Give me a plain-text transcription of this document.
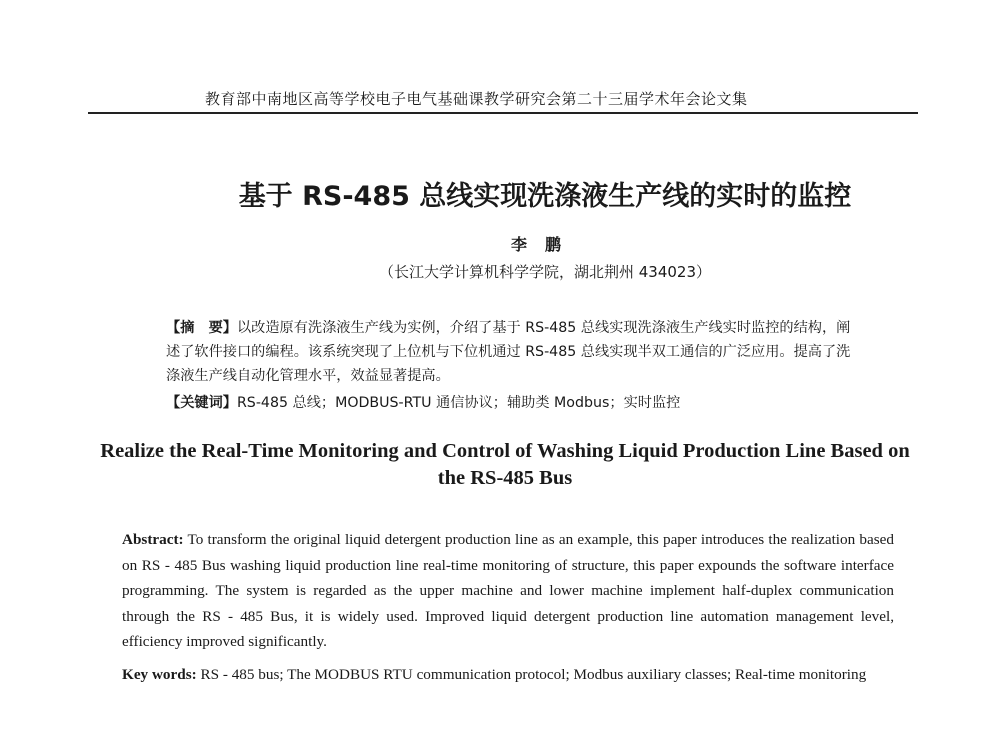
教育部中南地区高等学校电子电气基础课教学研究会第二十三届学术年会论文集
基于 RS-485 总线实现洗涤液生产线的实时的监控
李鹏
（长江大学计算机科学学院，湖北荆州 434023）
【摘　要】以改造原有洗涤液生产线为实例，介绍了基于 RS-485 总线实现洗涤液生产线实时监控的结构，阐述了软件接口的编程。该系统突现了上位机与下位机通过 RS-485 总线实现半双工通信的广泛应用。提高了洗涤液生产线自动化管理水平，效益显著提高。
【关键词】RS-485 总线；MODBUS-RTU 通信协议；辅助类 Modbus；实时监控
Realize the Real-Time Monitoring and Control of Washing Liquid Production Line Based on the RS-485 Bus
Abstract: To transform the original liquid detergent production line as an example, this paper introduces the realization based on RS - 485 Bus washing liquid production line real-time monitoring of structure, this paper expounds the software interface programming. The system is regarded as the upper machine and lower machine implement half-duplex communication through the RS - 485 Bus, it is widely used. Improved liquid detergent production line automation management level, efficiency improved significantly.
Key words: RS - 485 bus; The MODBUS RTU communication protocol; Modbus auxiliary classes; Real-time monitoring
